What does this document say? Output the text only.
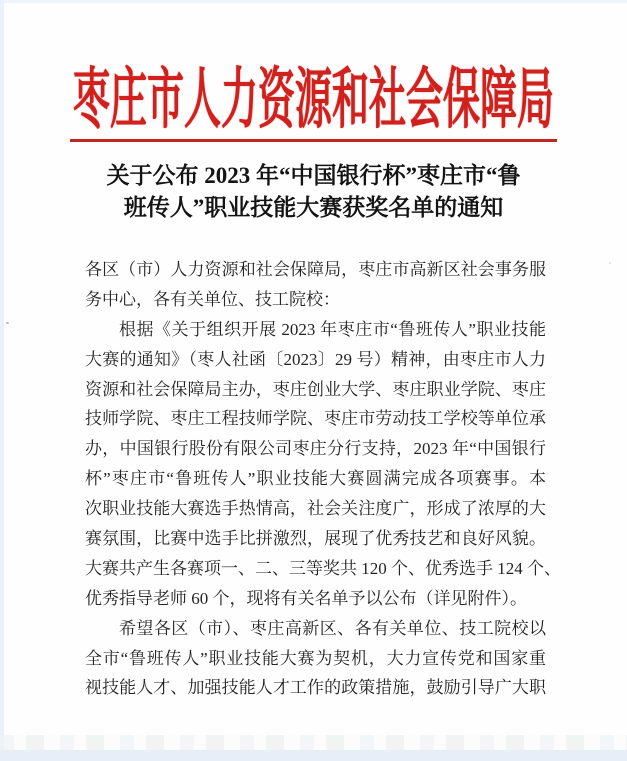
枣庄市人力资源和社会保障局
关于公布 2023 年“中国银行杯”枣庄市“鲁
班传人”职业技能大赛获奖名单的通知
各区（市）人力资源和社会保障局，枣庄市高新区社会事务服
务中心，各有关单位、技工院校：
根据《关于组织开展 2023 年枣庄市“鲁班传人”职业技能
大赛的通知》（枣人社函〔2023〕29 号）精神，由枣庄市人力
资源和社会保障局主办，枣庄创业大学、枣庄职业学院、枣庄
技师学院、枣庄工程技师学院、枣庄市劳动技工学校等单位承
办，中国银行股份有限公司枣庄分行支持，2023 年“中国银行
杯”枣庄市“鲁班传人”职业技能大赛圆满完成各项赛事。本
次职业技能大赛选手热情高，社会关注度广，形成了浓厚的大
赛氛围，比赛中选手比拼激烈，展现了优秀技艺和良好风貌。
大赛共产生各赛项一、二、三等奖共 120 个、优秀选手 124 个、
优秀指导老师 60 个，现将有关名单予以公布（详见附件）。
希望各区（市）、枣庄高新区、各有关单位、技工院校以
全市“鲁班传人”职业技能大赛为契机，大力宣传党和国家重
视技能人才、加强技能人才工作的政策措施，鼓励引导广大职
